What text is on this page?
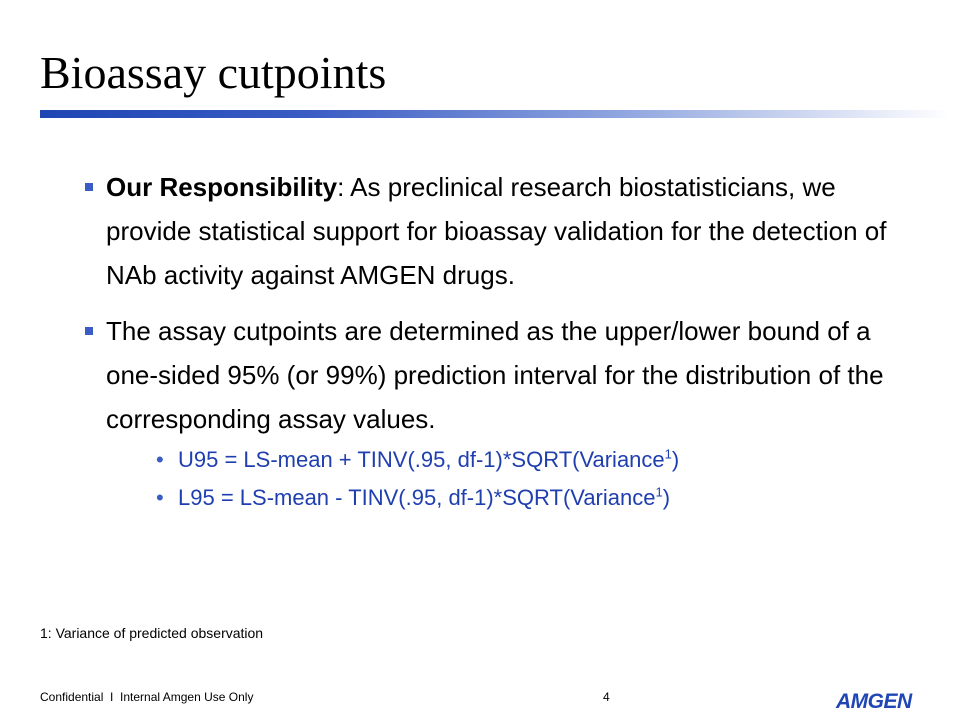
Bioassay cutpoints
Our Responsibility: As preclinical research biostatisticians, we provide statistical support for bioassay validation for the detection of NAb activity against AMGEN drugs.
The assay cutpoints are determined as the upper/lower bound of a one-sided 95% (or 99%) prediction interval for the distribution of the corresponding assay values.
• U95 = LS-mean + TINV(.95, df-1)*SQRT(Variance$^1$)
• L95 = LS-mean - TINV(.95, df-1)*SQRT(Variance$^1$)
1: Variance of predicted observation
Confidential  I  Internal Amgen Use Only	4	AMGEN
